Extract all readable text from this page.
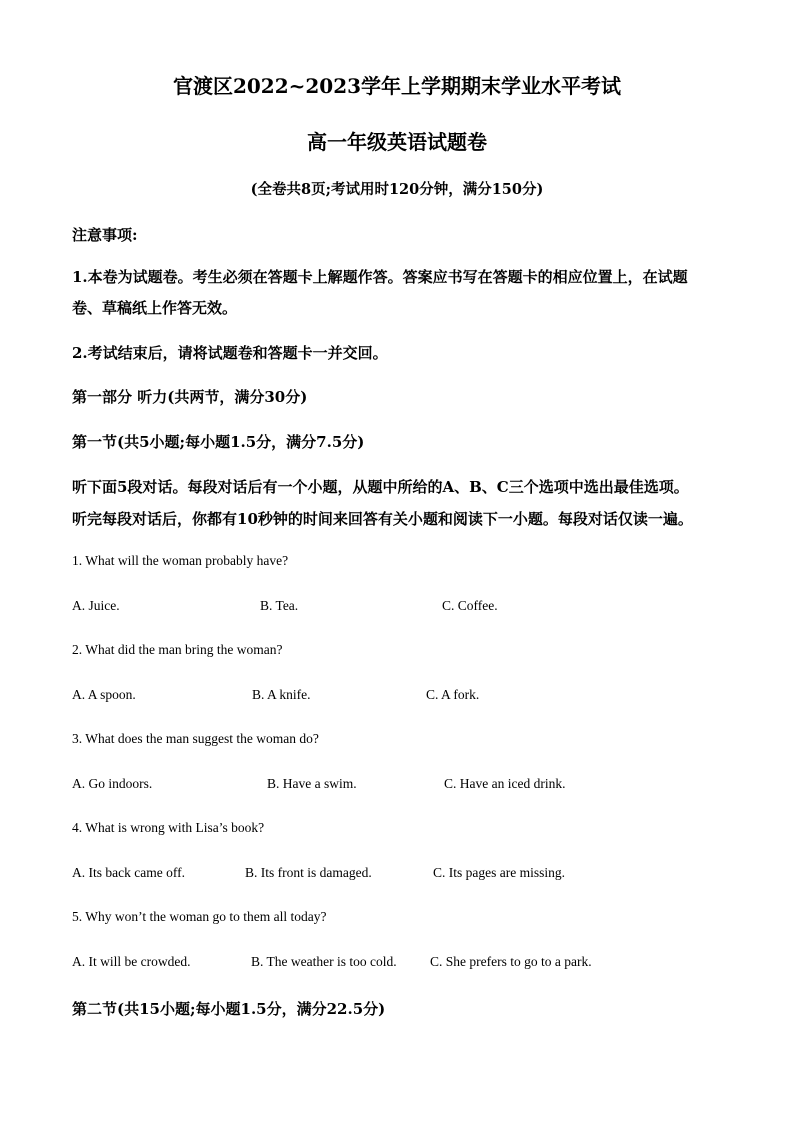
官渡区2022~2023学年上学期期末学业水平考试
高一年级英语试题卷
(全卷共8页;考试用时120分钟，满分150分)
注意事项:
1.本卷为试题卷。考生必须在答题卡上解题作答。答案应书写在答题卡的相应位置上，在试题
卷、草稿纸上作答无效。
2.考试结束后，请将试题卷和答题卡一并交回。
第一部分 听力(共两节，满分30分)
第一节(共5小题;每小题1.5分，满分7.5分)
听下面5段对话。每段对话后有一个小题，从题中所给的A、B、C三个选项中选出最佳选项。
听完每段对话后，你都有10秒钟的时间来回答有关小题和阅读下一小题。每段对话仅读一遍。
1. What will the woman probably have?
A. Juice.	B. Tea.	C. Coffee.
2. What did the man bring the woman?
A. A spoon.	B. A knife.	C. A fork.
3. What does the man suggest the woman do?
A. Go indoors.	B. Have a swim.	C. Have an iced drink.
4. What is wrong with Lisa’s book?
A. Its back came off.	B. Its front is damaged.	C. Its pages are missing.
5. Why won’t the woman go to them all today?
A. It will be crowded.	B. The weather is too cold. C. She prefers to go to a park.
第二节(共15小题;每小题1.5分，满分22.5分)
